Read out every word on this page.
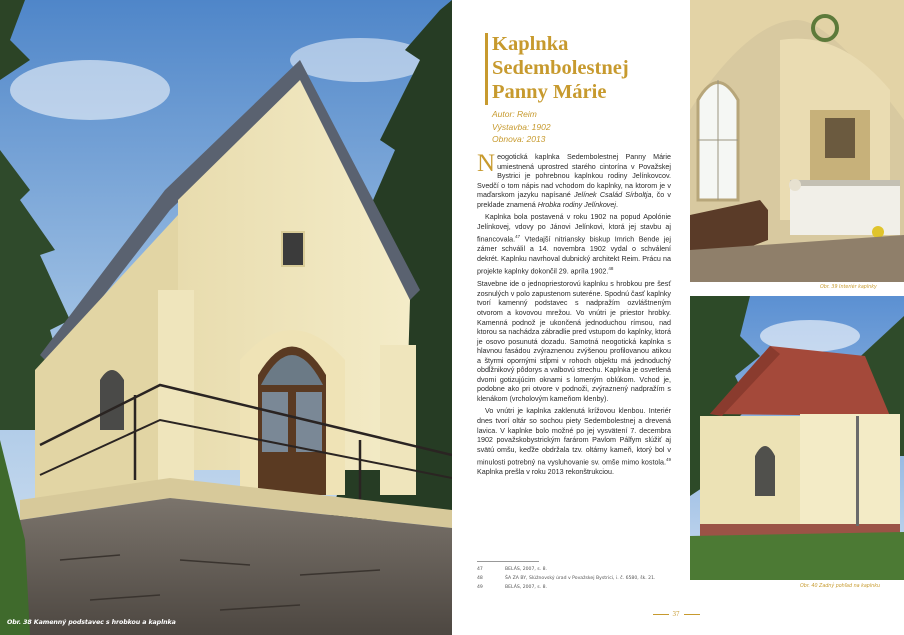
Obr. 38 Kamenný podstavec s hrobkou a kaplnka
Kaplnka
Sedembolestnej
Panny Márie
Autor: Reim
Výstavba: 1902
Obnova: 2013

Neogotická kaplnka Sedembolestnej Panny Márie umiestnená uprostred starého cintorína v Považskej Bystrici je pohrebnou kaplnkou rodiny Jelínkovcov. Svedčí o tom nápis nad vchodom do kaplnky, na ktorom je v maďarskom jazyku napísané Jelínek Család Sírboltja, čo v preklade znamená Hrobka rodiny Jelínkovej.

Kaplnka bola postavená v roku 1902 na popud Apolónie Jelínkovej, vdovy po Jánovi Jelínkovi, ktorá jej stavbu aj financovala.$^{47}$ Vtedajší nitriansky biskup Imrich Bende jej zámer schválil a 14. novembra 1902 vydal o schválení dekrét. Kaplnku navrhoval dubnický architekt Reim. Prácu na projekte kaplnky dokončil 29. apríla 1902.48

Stavebne ide o jednopriestorovú kaplnku s hrobkou pre šesť zosnulých v polo zapustenom suteréne. Spodnú časť kaplnky tvorí kamenný podstavec s nadpražím ozvláštneným otvorom a kovovou mrežou. Vo vnútri je priestor hrobky. Kamenná podnož je ukončená jednoduchou rímsou, nad ktorou sa nachádza zábradlie pred vstupom do kaplnky, ktorá je osovo posunutá dozadu. Samotná neogotická kaplnka s hlavnou fasádou zvýraznenou zvýšenou profilovanou atikou a štyrmi opornými stĺpmi v rohoch objektu má jednoduchý obdĺžnikový pôdorys a valbovú strechu. Kaplnka je osvetlená dvomi gotizujúcim oknami s lomeným oblúkom. Vchod je, podobne ako pri otvore v podnoži, zvýraznený nadpražím s klenákom (vrcholovým kameňom klenby).

Vo vnútri je kaplnka zaklenutá krížovou klenbou. Interiér dnes tvorí oltár so sochou piety Sedembolestnej a drevená lavica. V kaplnke bolo možné po jej vysvätení 7. decembra 1902 považskobystrickým farárom Pavlom Pálfym slúžiť aj svätú omšu, keďže obdržala tzv. oltárny kameň, ktorý bol v minulosti potrebný na vysluhovanie sv. omše mimo kostola.$^{49}$ Kaplnka prešla v roku 2013 rekonštrukciou.

47	BELÁS, 2007, s. 8.
48	ŠA ZA BY, Slúžnovský úrad v Považskej Bystrici, i. č. 6580, šk. 21.
49	BELÁS, 2007, s. 8.
37
Obr. 39 Interiér kaplnky
Obr. 40 Zadný pohľad na kaplnku
